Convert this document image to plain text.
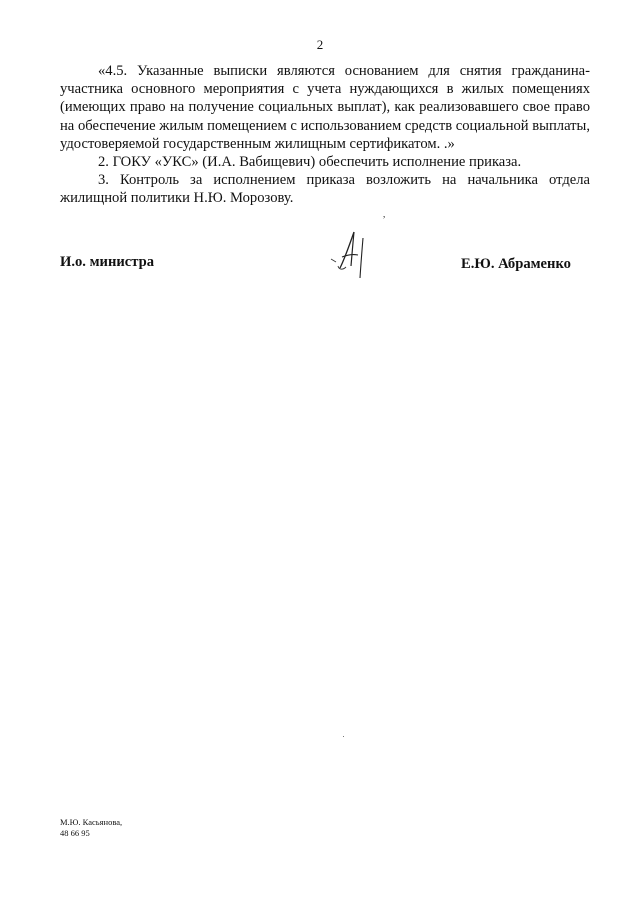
2

«4.5. Указанные выписки являются основанием для снятия гражданина-участника основного мероприятия с учета нуждающихся в жилых помещениях (имеющих право на получение социальных выплат), как реализовавшего свое право на обеспечение жилым помещением с использованием средств социальной выплаты, удостоверяемой государственным жилищным сертификатом. .»

2. ГОКУ «УКС» (И.А. Вабищевич) обеспечить исполнение приказа.

3. Контроль за исполнением приказа возложить на начальника отдела жилищной политики Н.Ю. Морозову.

,
И.о. министра	Е.Ю. Абраменко
М.Ю. Касьянова,
48 66 95
